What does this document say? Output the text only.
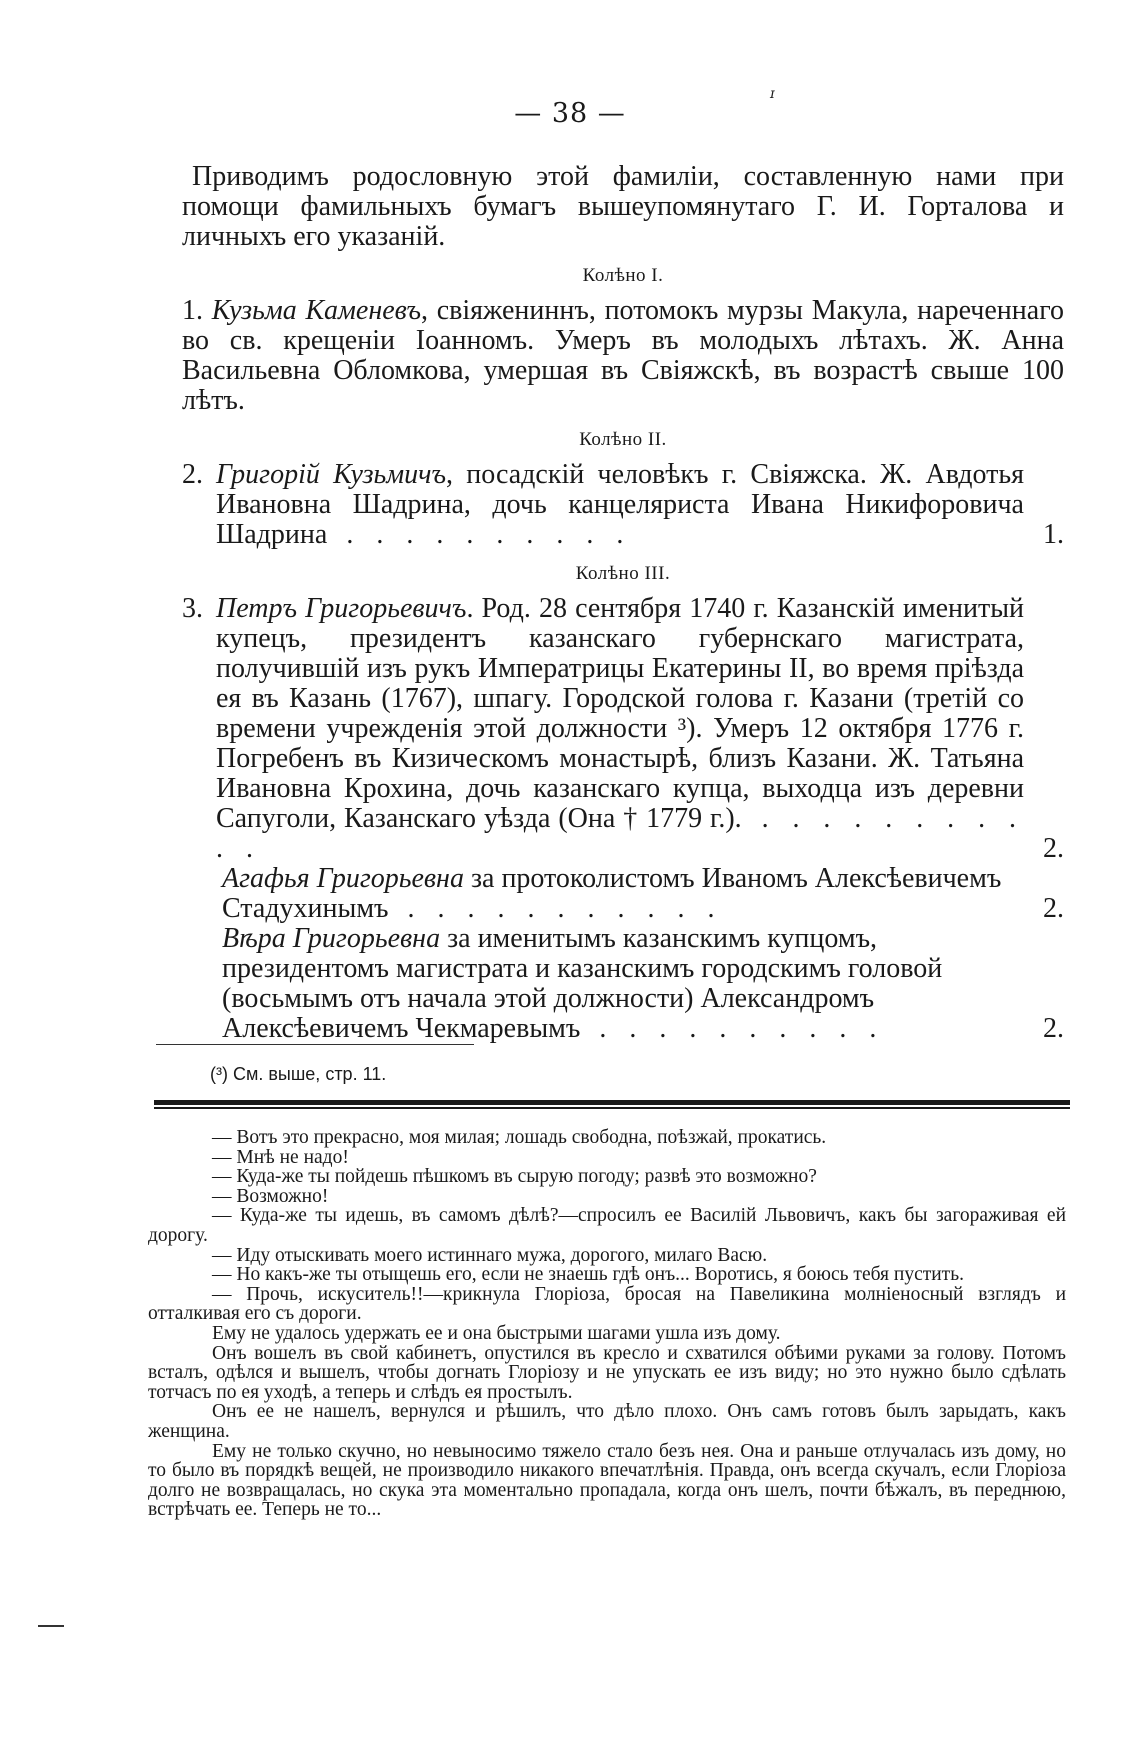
ɪ
— 38 —

Приводимъ родословную этой фамиліи, составленную нами при помощи фамильныхъ бумагъ вышеупомянутаго Г. И. Горталова и личныхъ его указаній.

Колѣно I.
1. Кузьма Каменевъ, свіяжениннъ, потомокъ мурзы Макула, нареченнаго во св. крещеніи Іоанномъ. Умеръ въ молодыхъ лѣтахъ. Ж. Анна Васильевна Обломкова, умершая въ Свіяжскѣ, въ возрастѣ свыше 100 лѣтъ.
Колѣно II.
2. Григорій Кузьмичъ, посадскій человѣкъ г. Свіяжска. Ж. Авдотья Ивановна Шадрина, дочь канцеляриста Ивана Никифоровича Шадрина . . . . . . . . . .	1.
Колѣно III.
3. Петръ Григорьевичъ. Род. 28 сентября 1740 г. Казанскій именитый купецъ, президентъ казанскаго губернскаго магистрата, получившій изъ рукъ Императрицы Екатерины II, во время пріѣзда ея въ Казань (1767), шпагу. Городской голова г. Казани (третій со времени учрежденія этой должности ³). Умеръ 12 октября 1776 г. Погребенъ въ Кизическомъ монастырѣ, близъ Казани. Ж. Татьяна Ивановна Крохина, дочь казанскаго купца, выходца изъ деревни Сапуголи, Казанскаго уѣзда (Она † 1779 г.). . . . . . . . . . . .	2.
Агафья Григорьевна за протоколистомъ Иваномъ Алексѣевичемъ Стадухинымъ . . . . . . . . . . .	2.
Вѣра Григорьевна за именитымъ казанскимъ купцомъ, президентомъ магистрата и казанскимъ городскимъ головой (восьмымъ отъ начала этой должности) Александромъ Алексѣевичемъ Чекмаревымъ . . . . . . . . . .	2.
(³) См. выше, стр. 11.

— Вотъ это прекрасно, моя милая; лошадь свободна, поѣзжай, прокатись.

— Мнѣ не надо!

— Куда-же ты пойдешь пѣшкомъ въ сырую погоду; развѣ это возможно?

— Возможно!

— Куда-же ты идешь, въ самомъ дѣлѣ?—спросилъ ее Василій Львовичъ, какъ бы загораживая ей дорогу.

— Иду отыскивать моего истиннаго мужа, дорогого, милаго Васю.

— Но какъ-же ты отыщешь его, если не знаешь гдѣ онъ... Воротись, я боюсь тебя пустить.

— Прочь, искуситель!!—крикнула Глоріоза, бросая на Павеликина молніеносный взглядъ и отталкивая его съ дороги.

Ему не удалось удержать ее и она быстрыми шагами ушла изъ дому.

Онъ вошелъ въ свой кабинетъ, опустился въ кресло и схватился обѣими руками за голову. Потомъ всталъ, одѣлся и вышелъ, чтобы догнать Глоріозу и не упускать ее изъ виду; но это нужно было сдѣлать тотчасъ по ея уходѣ, а теперь и слѣдъ ея простылъ.

Онъ ее не нашелъ, вернулся и рѣшилъ, что дѣло плохо. Онъ самъ готовъ былъ зарыдать, какъ женщина.

Ему не только скучно, но невыносимо тяжело стало безъ нея. Она и раньше отлучалась изъ дому, но то было въ порядкѣ вещей, не производило никакого впечатлѣнія. Правда, онъ всегда скучалъ, если Глоріоза долго не возвращалась, но скука эта моментально пропадала, когда онъ шелъ, почти бѣжалъ, въ переднюю, встрѣчать ее. Теперь не то...
